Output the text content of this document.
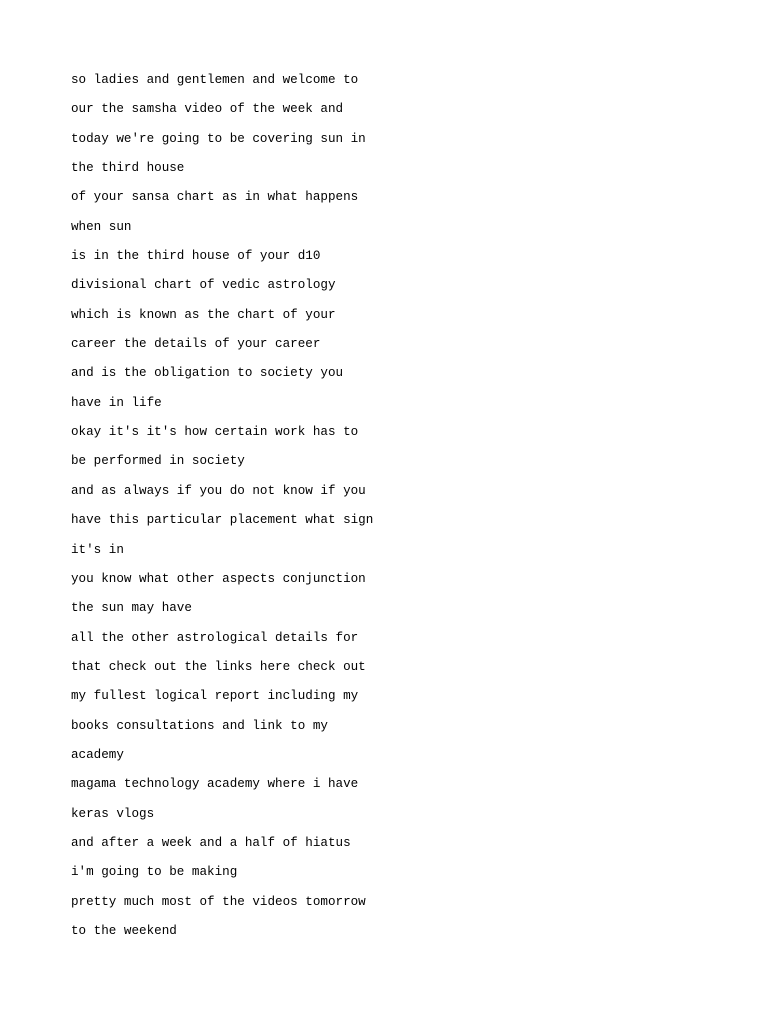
so ladies and gentlemen and welcome to
our the samsha video of the week and
today we're going to be covering sun in
the third house
of your sansa chart as in what happens
when sun
is in the third house of your d10
divisional chart of vedic astrology
which is known as the chart of your
career the details of your career
and is the obligation to society you
have in life
okay it's it's how certain work has to
be performed in society
and as always if you do not know if you
have this particular placement what sign
it's in
you know what other aspects conjunction
the sun may have
all the other astrological details for
that check out the links here check out
my fullest logical report including my
books consultations and link to my
academy
magama technology academy where i have
keras vlogs
and after a week and a half of hiatus
i'm going to be making
pretty much most of the videos tomorrow
to the weekend
